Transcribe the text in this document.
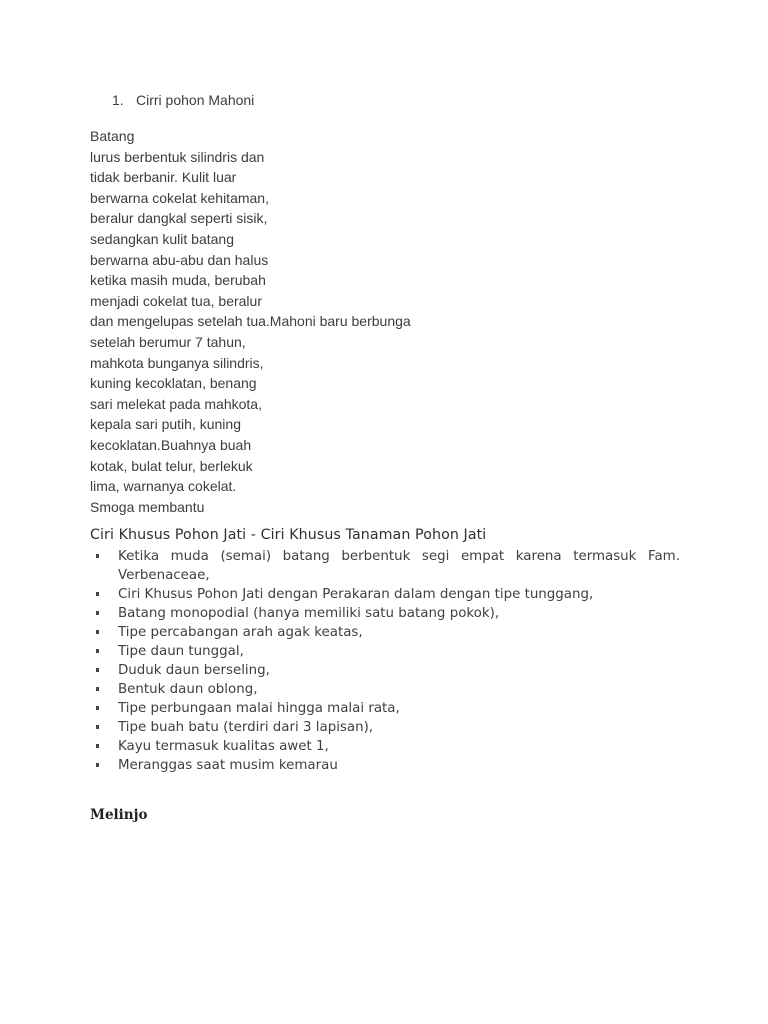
1. Cirri pohon Mahoni
Batang
lurus berbentuk silindris dan
tidak berbanir. Kulit luar
berwarna cokelat kehitaman,
beralur dangkal seperti sisik,
sedangkan kulit batang
berwarna abu-abu dan halus
ketika masih muda, berubah
menjadi cokelat tua, beralur
dan mengelupas setelah tua.Mahoni baru berbunga
setelah berumur 7 tahun,
mahkota bunganya silindris,
kuning kecoklatan, benang
sari melekat pada mahkota,
kepala sari putih, kuning
kecoklatan.Buahnya buah
kotak, bulat telur, berlekuk
lima, warnanya cokelat.
Smoga membantu
Ciri Khusus Pohon Jati - Ciri Khusus Tanaman Pohon Jati
Ketika muda (semai) batang berbentuk segi empat karena termasuk Fam. Verbenaceae,
Ciri Khusus Pohon Jati dengan Perakaran dalam dengan tipe tunggang,
Batang monopodial (hanya memiliki satu batang pokok),
Tipe percabangan arah agak keatas,
Tipe daun tunggal,
Duduk daun berseling,
Bentuk daun oblong,
Tipe perbungaan malai hingga malai rata,
Tipe buah batu (terdiri dari 3 lapisan),
Kayu termasuk kualitas awet 1,
Meranggas saat musim kemarau
Melinjo
